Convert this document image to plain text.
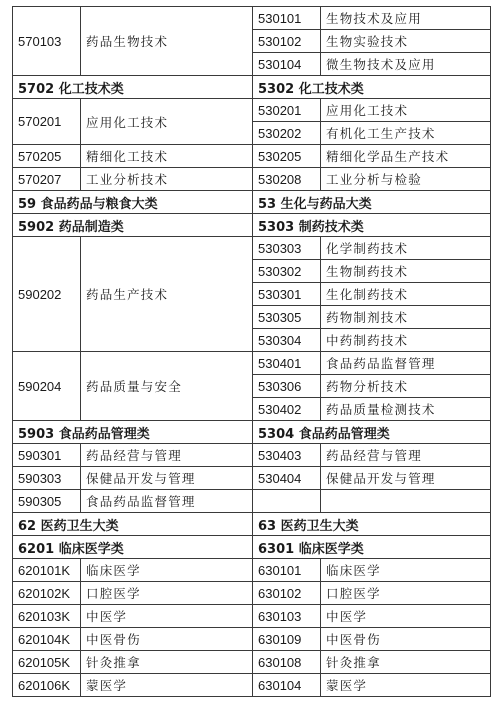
570103	药品生物技术	530101	生物技术及应用
		530102	生物实验技术
		530104	微生物技术及应用
5702 化工技术类		5302 化工技术类	
570201	应用化工技术	530201	应用化工技术
		530202	有机化工生产技术
570205	精细化工技术	530205	精细化学品生产技术
570207	工业分析技术	530208	工业分析与检验
59 食品药品与粮食大类		53 生化与药品大类	
5902 药品制造类		5303 制药技术类	
590202	药品生产技术	530303	化学制药技术
		530302	生物制药技术
		530301	生化制药技术
		530305	药物制剂技术
		530304	中药制药技术
590204	药品质量与安全	530401	食品药品监督管理
		530306	药物分析技术
		530402	药品质量检测技术
5903 食品药品管理类		5304 食品药品管理类	
590301	药品经营与管理	530403	药品经营与管理
590303	保健品开发与管理	530404	保健品开发与管理
590305	食品药品监督管理		
62 医药卫生大类		63 医药卫生大类	
6201 临床医学类		6301 临床医学类	
620101K	临床医学	630101	临床医学
620102K	口腔医学	630102	口腔医学
620103K	中医学	630103	中医学
620104K	中医骨伤	630109	中医骨伤
620105K	针灸推拿	630108	针灸推拿
620106K	蒙医学	630104	蒙医学
